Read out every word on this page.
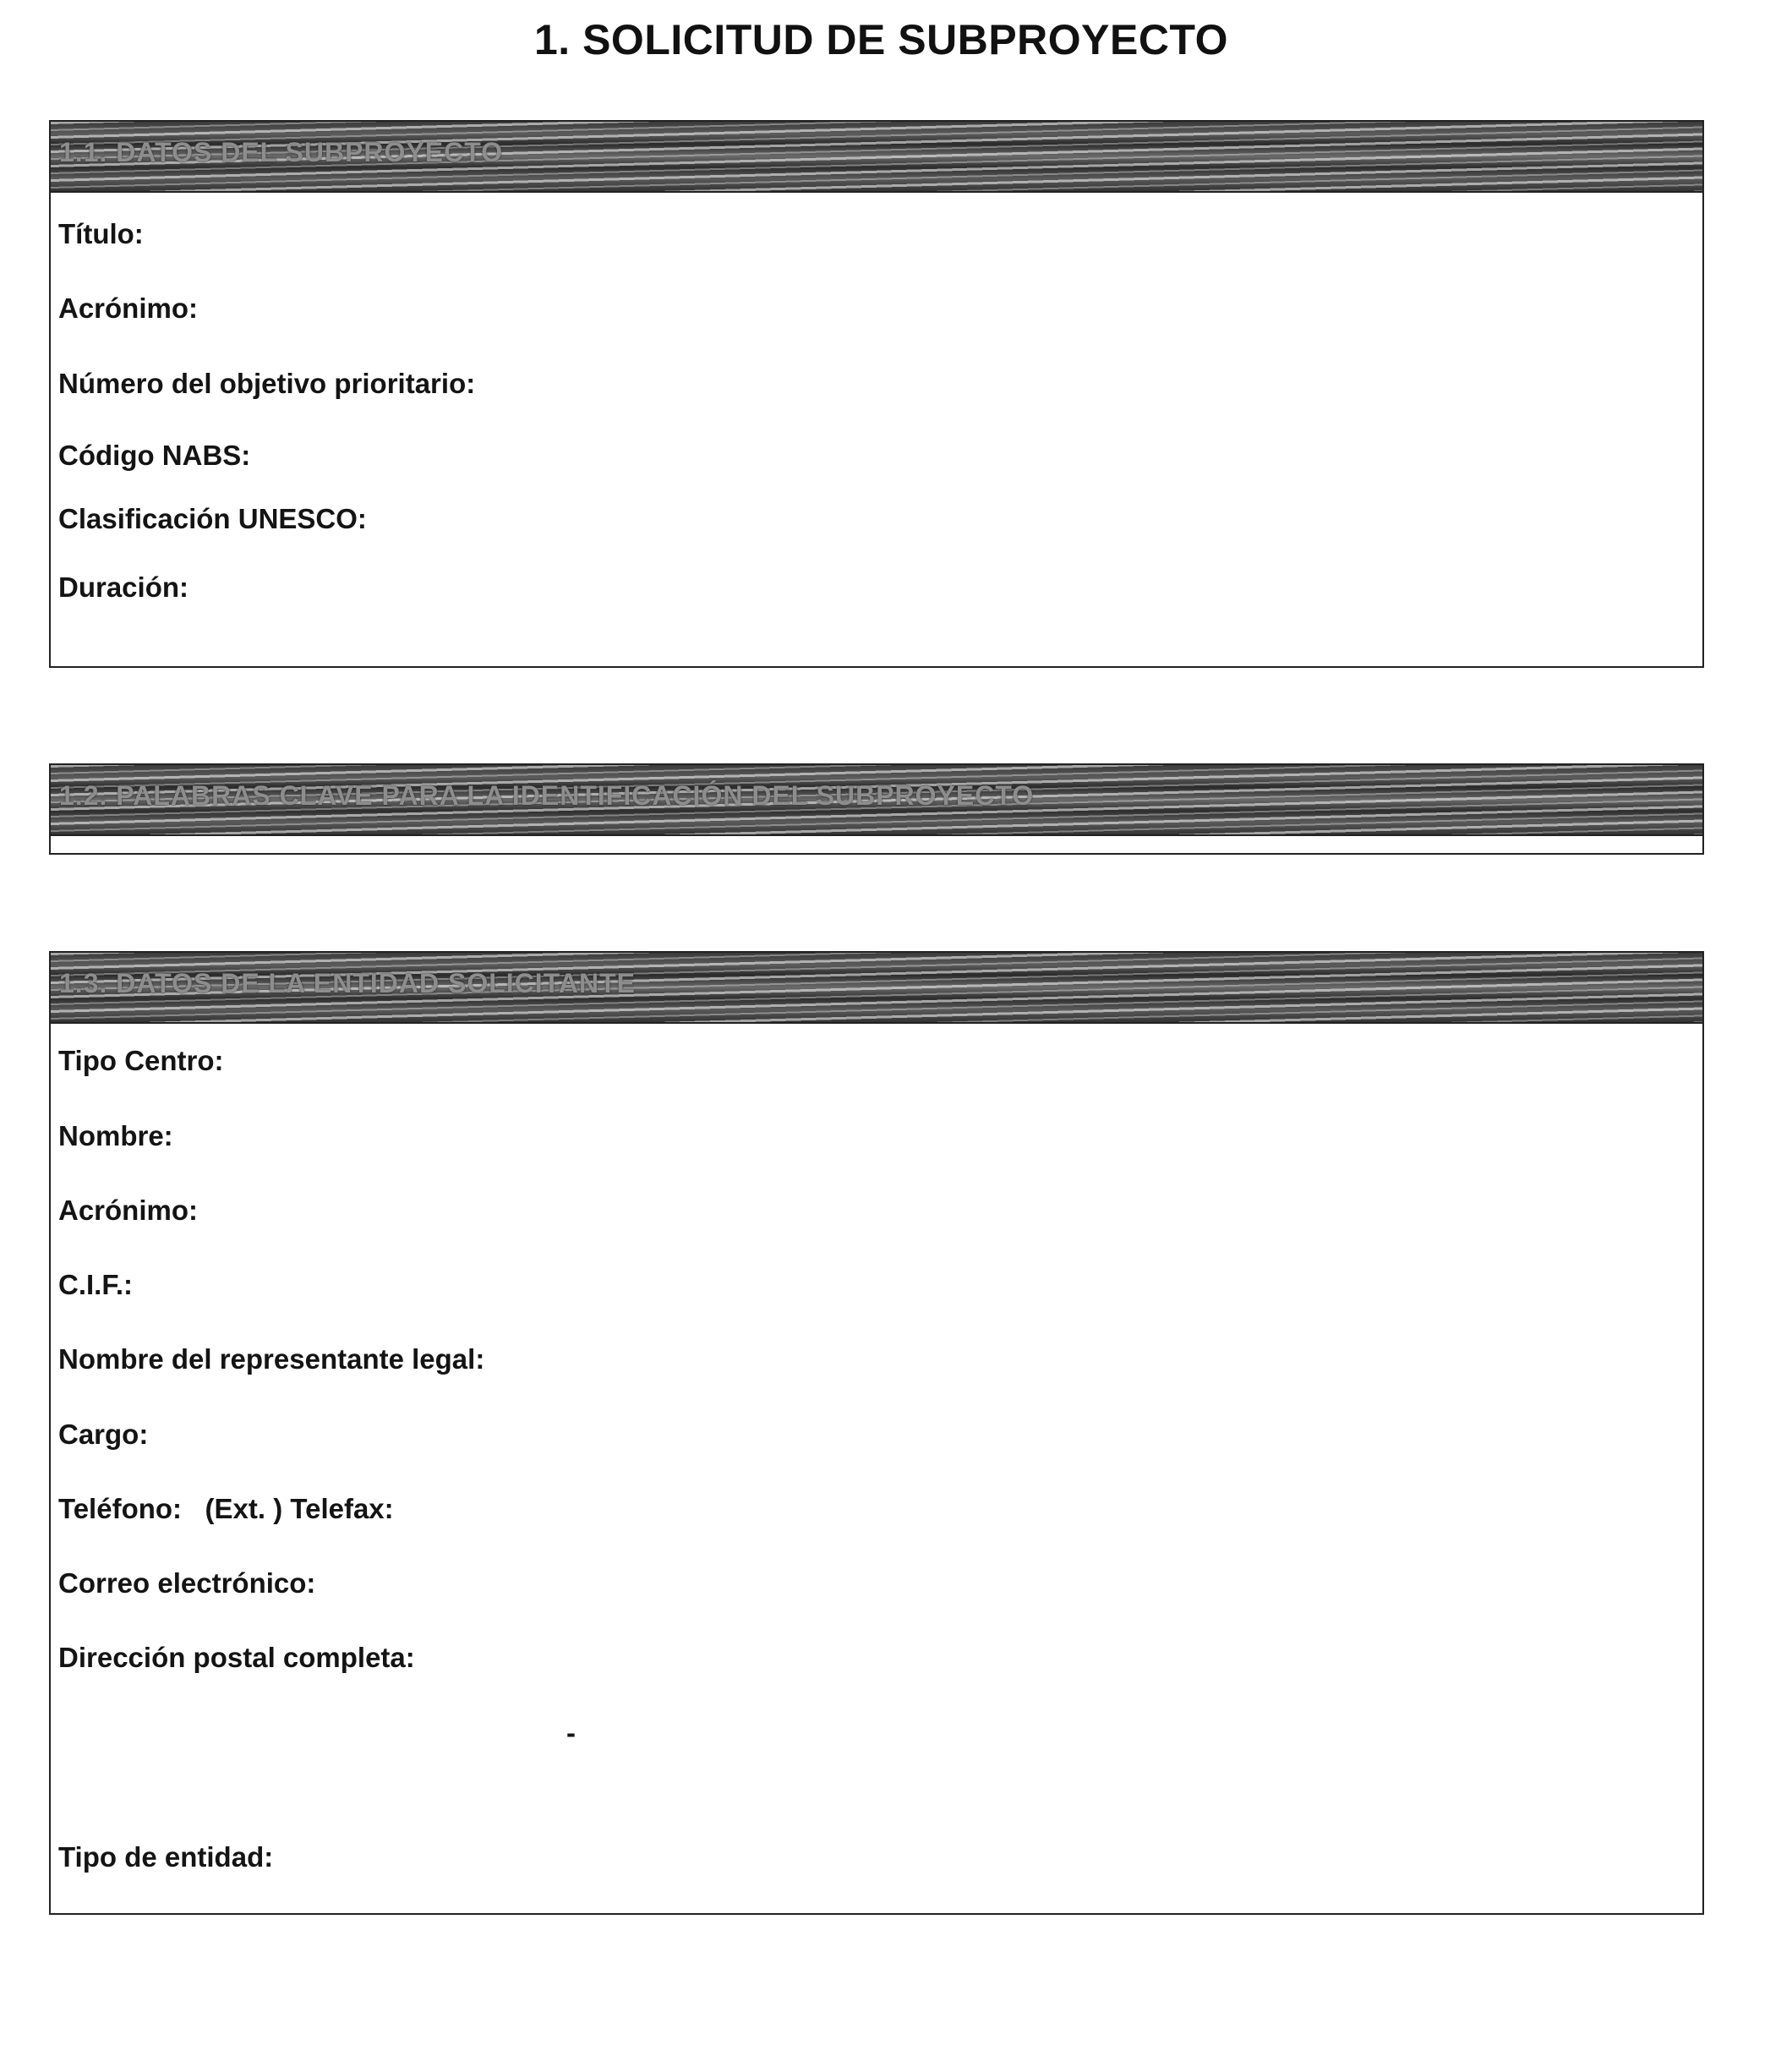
1. SOLICITUD DE SUBPROYECTO
1.1. DATOS DEL SUBPROYECTO
Título:
Acrónimo:
Número del objetivo prioritario:
Código NABS:
Clasificación UNESCO:
Duración:
1.2. PALABRAS CLAVE PARA LA IDENTIFICACIÓN DEL SUBPROYECTO
1.3. DATOS DE LA ENTIDAD SOLICITANTE
Tipo Centro:
Nombre:
Acrónimo:
C.I.F.:
Nombre del representante legal:
Cargo:
Teléfono:   (Ext. ) Telefax:
Correo electrónico:
Dirección postal completa:
-
Tipo de entidad:
